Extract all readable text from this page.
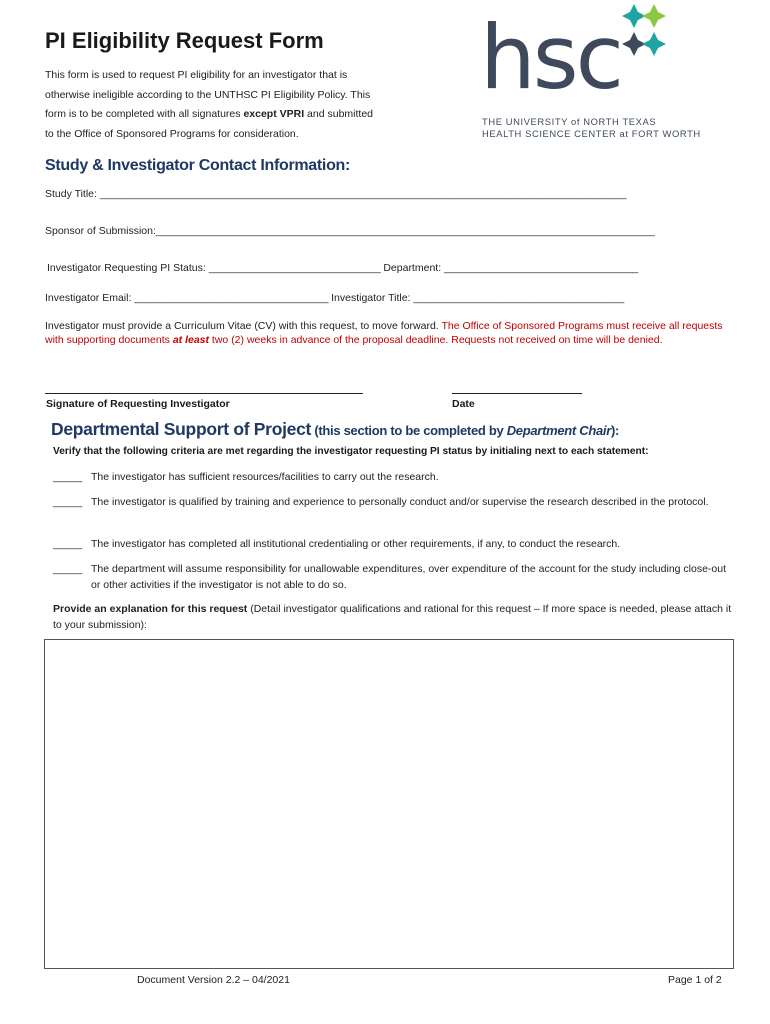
PI Eligibility Request Form

This form is used to request PI eligibility for an investigator that is
otherwise ineligible according to the UNTHSC PI Eligibility Policy. This
form is to be completed with all signatures except VPRI and submitted
to the Office of Sponsored Programs for consideration.

hsc
THE UNIVERSITY of NORTH TEXAS
HEALTH SCIENCE CENTER at FORT WORTH
Study & Investigator Contact Information:
Study Title: _______________________________________________________________________________________________
Sponsor of Submission:__________________________________________________________________________________________
Investigator Requesting PI Status: _______________________________ Department: ___________________________________
Investigator Email: ___________________________________ Investigator Title: ______________________________________
Investigator must provide a Curriculum Vitae (CV) with this request, to move forward. The Office of Sponsored Programs must receive all requests with supporting documents at least two (2) weeks in advance of the proposal deadline. Requests not received on time will be denied.
Signature of Requesting Investigator	Date
Departmental Support of Project (this section to be completed by Department Chair):
Verify that the following criteria are met regarding the investigator requesting PI status by initialing next to each statement:
_____ The investigator has sufficient resources/facilities to carry out the research.
_____ The investigator is qualified by training and experience to personally conduct and/or supervise the research described in the protocol.
_____ The investigator has completed all institutional credentialing or other requirements, if any, to conduct the research.
_____ The department will assume responsibility for unallowable expenditures, over expenditure of the account for the study including close-out or other activities if the investigator is not able to do so.
Provide an explanation for this request (Detail investigator qualifications and rational for this request – If more space is needed, please attach it to your submission):
Document Version 2.2 – 04/2021	Page 1 of 2
